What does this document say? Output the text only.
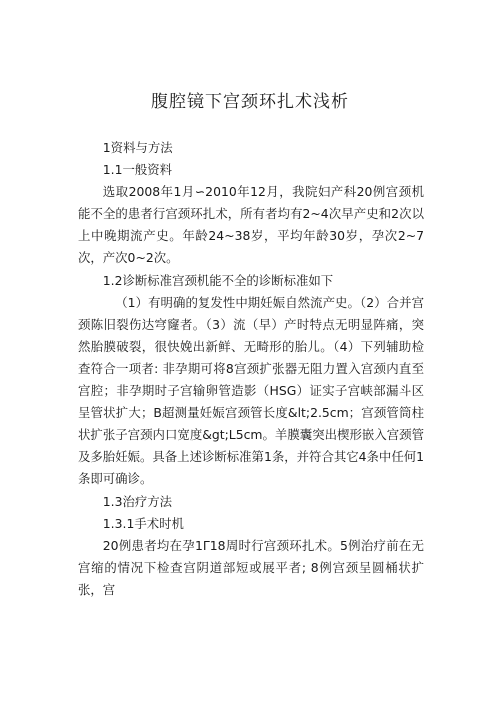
腹腔镜下宫颈环扎术浅析

1资料与方法

1.1一般资料

选取2008年1月∽2010年12月，我院妇产科20例宫颈机能不全的患者行宫颈环扎术，所有者均有2~4次早产史和2次以上中晚期流产史。年龄24~38岁，平均年龄30岁，孕次2~7次，产次0~2次。

1.2诊断标准宫颈机能不全的诊断标准如下

（1）有明确的复发性中期妊娠自然流产史。（2）合并宫颈陈旧裂伤达穹窿者。（3）流（早）产时特点无明显阵痛，突然胎膜破裂，很快娩出新鲜、无畸形的胎儿。（4）下列辅助检查符合一项者: 非孕期可将8宫颈扩张器无阻力置入宫颈内直至宫腔；非孕期时子宫输卵管造影（HSG）证实子宫峡部漏斗区呈管状扩大；B超测量妊娠宫颈管长度&lt;2.5cm；宫颈管筒柱状扩张子宫颈内口宽度&gt;L5cm。羊膜囊突出楔形嵌入宫颈管及多胎妊娠。具备上述诊断标准第1条，并符合其它4条中任何1条即可确诊。

1.3治疗方法

1.3.1手术时机

20例患者均在孕1Γ18周时行宫颈环扎术。5例治疗前在无宫缩的情况下检查宫阴道部短或展平者; 8例宫颈呈圆桶状扩张，宫
